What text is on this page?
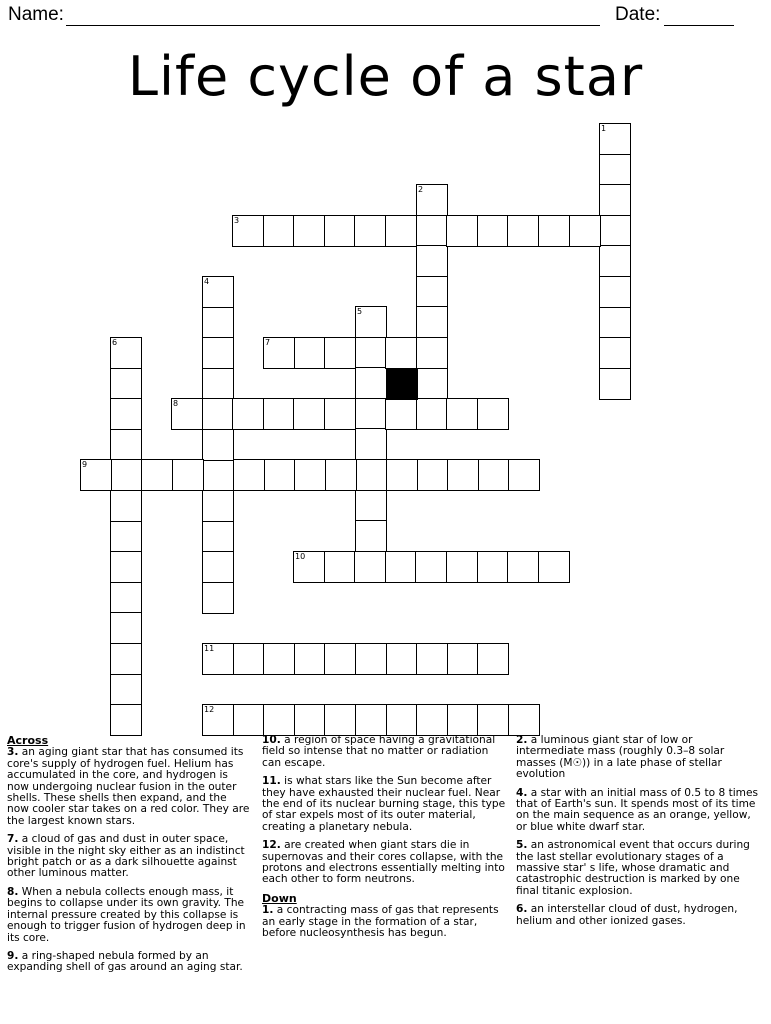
Name:	Date:
Life cycle of a star
1
2
3
4
5
6	7
8
9
10
11
12
Across
3. an aging giant star that has consumed its core's supply of hydrogen fuel. Helium has accumulated in the core, and hydrogen is now undergoing nuclear fusion in the outer shells. These shells then expand, and the now cooler star takes on a red color. They are the largest known stars.
7. a cloud of gas and dust in outer space, visible in the night sky either as an indistinct bright patch or as a dark silhouette against other luminous matter.
8. When a nebula collects enough mass, it begins to collapse under its own gravity. The internal pressure created by this collapse is enough to trigger fusion of hydrogen deep in its core.
9. a ring-shaped nebula formed by an expanding shell of gas around an aging star.
10. a region of space having a gravitational field so intense that no matter or radiation can escape.
11. is what stars like the Sun become after they have exhausted their nuclear fuel. Near the end of its nuclear burning stage, this type of star expels most of its outer material, creating a planetary nebula.
12. are created when giant stars die in supernovas and their cores collapse, with the protons and electrons essentially melting into each other to form neutrons.
Down
1. a contracting mass of gas that represents an early stage in the formation of a star, before nucleosynthesis has begun.
2. a luminous giant star of low or intermediate mass (roughly 0.3–8 solar masses (M☉)) in a late phase of stellar evolution
4. a star with an initial mass of 0.5 to 8 times that of Earth's sun. It spends most of its time on the main sequence as an orange, yellow, or blue white dwarf star.
5. an astronomical event that occurs during the last stellar evolutionary stages of a massive star' s life, whose dramatic and catastrophic destruction is marked by one final titanic explosion.
6. an interstellar cloud of dust, hydrogen, helium and other ionized gases.
